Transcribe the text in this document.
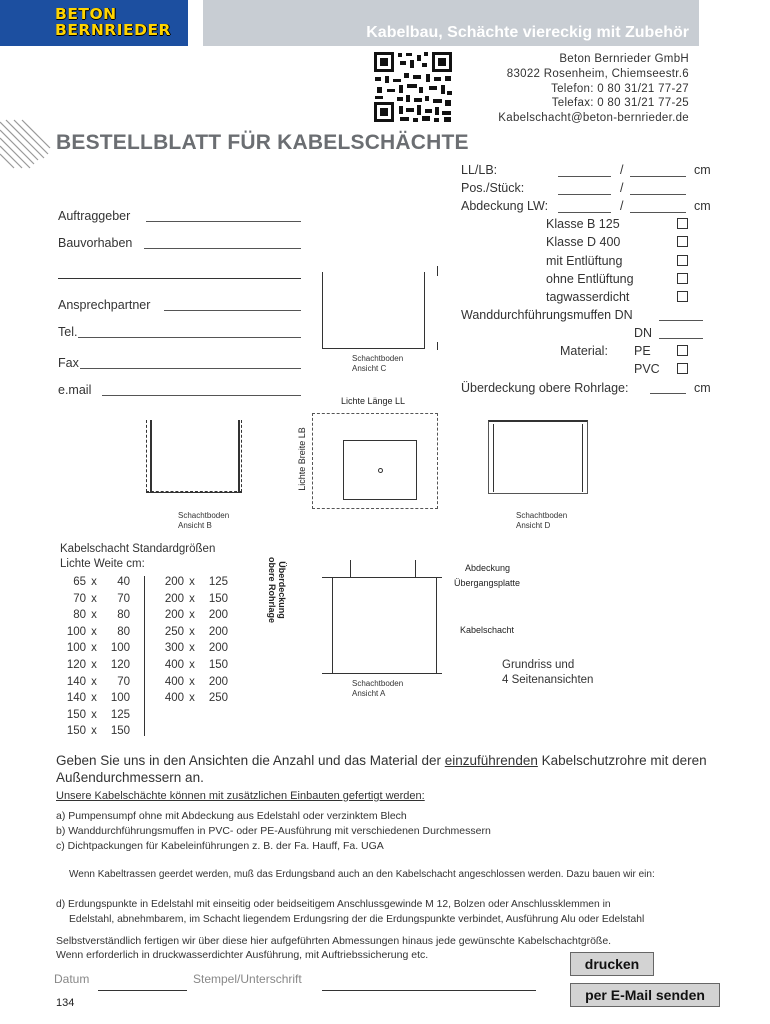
BETON
BERNRIEDER	Kabelbau, Schächte viereckig mit Zubehör
Beton Bernrieder GmbH
83022 Rosenheim, Chiemseestr.6
Telefon: 0 80 31/21 77-27
Telefax: 0 80 31/21 77-25
Kabelschacht@beton-bernrieder.de
BESTELLBLATT FÜR KABELSCHÄCHTE
Auftraggeber
Bauvorhaben
Ansprechpartner
Tel.
Fax
e.mail
LL/LB:	/	cm
Pos./Stück:	/
Abdeckung LW:	/	cm
Klasse B 125
Klasse D 400
mit Entlüftung
ohne Entlüftung
tagwasserdicht
Wanddurchführungsmuffen DN
DN
Material: PE
PVC
Überdeckung obere Rohrlage:	cm
Schachtboden
Ansicht C
Lichte Länge LL
Schachtboden
Ansicht B
Lichte Breite LB
Schachtboden
Ansicht D
Kabelschacht Standardgrößen
Lichte Weite cm:
65 x	40
70 x	70
80 x	80
100 x	80
100 x	100
120 x	120
140 x	70
140 x	100
150 x	125
150 x	150
200 x	125
200 x	150
200 x	200
250 x	200
300 x	200
400 x	150
400 x	200
400 x	250
Überdeckung
obere Rohrlage
Schachtboden
Ansicht A
Abdeckung
Übergangsplatte
Kabelschacht
Grundriss und
4 Seitenansichten
Geben Sie uns in den Ansichten die Anzahl und das Material der einzuführenden Kabelschutzrohre mit deren Außendurchmessern an.
Unsere Kabelschächte können mit zusätzlichen Einbauten gefertigt werden:
a) Pumpensumpf ohne mit Abdeckung aus Edelstahl oder verzinktem Blech
b) Wanddurchführungsmuffen in PVC- oder PE-Ausführung mit verschiedenen Durchmessern
c) Dichtpackungen für Kabeleinführungen z. B. der Fa. Hauff, Fa. UGA
Wenn Kabeltrassen geerdet werden, muß das Erdungsband auch an den Kabelschacht angeschlossen werden. Dazu bauen wir ein:
d) Erdungspunkte in Edelstahl mit einseitig oder beidseitigem Anschlussgewinde M 12, Bolzen oder Anschlussklemmen in
Edelstahl, abnehmbarem, im Schacht liegendem Erdungsring der die Erdungspunkte verbindet, Ausführung Alu oder Edelstahl
Selbstverständlich fertigen wir über diese hier aufgeführten Abmessungen hinaus jede gewünschte Kabelschachtgröße.
Wenn erforderlich in druckwasserdichter Ausführung, mit Auftriebssicherung etc.
Datum	Stempel/Unterschrift
134
drucken
per E-Mail senden
